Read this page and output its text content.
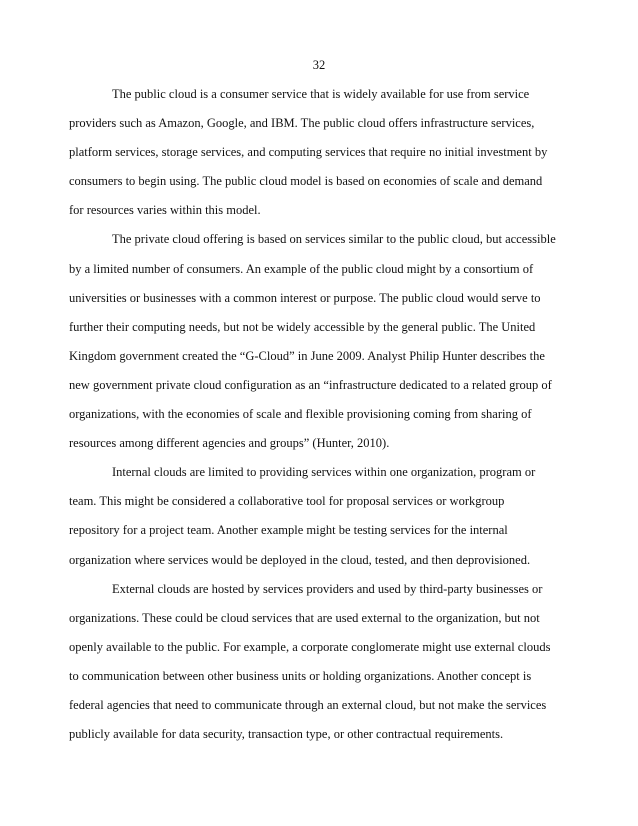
32
The public cloud is a consumer service that is widely available for use from service
providers such as Amazon, Google, and IBM. The public cloud offers infrastructure services,
platform services, storage services, and computing services that require no initial investment by
consumers to begin using. The public cloud model is based on economies of scale and demand
for resources varies within this model.
The private cloud offering is based on services similar to the public cloud, but accessible
by a limited number of consumers. An example of the public cloud might by a consortium of
universities or businesses with a common interest or purpose. The public cloud would serve to
further their computing needs, but not be widely accessible by the general public. The United
Kingdom government created the “G-Cloud” in June 2009. Analyst Philip Hunter describes the
new government private cloud configuration as an “infrastructure dedicated to a related group of
organizations, with the economies of scale and flexible provisioning coming from sharing of
resources among different agencies and groups” (Hunter, 2010).
Internal clouds are limited to providing services within one organization, program or
team. This might be considered a collaborative tool for proposal services or workgroup
repository for a project team. Another example might be testing services for the internal
organization where services would be deployed in the cloud, tested, and then deprovisioned.
External clouds are hosted by services providers and used by third-party businesses or
organizations. These could be cloud services that are used external to the organization, but not
openly available to the public. For example, a corporate conglomerate might use external clouds
to communication between other business units or holding organizations. Another concept is
federal agencies that need to communicate through an external cloud, but not make the services
publicly available for data security, transaction type, or other contractual requirements.
